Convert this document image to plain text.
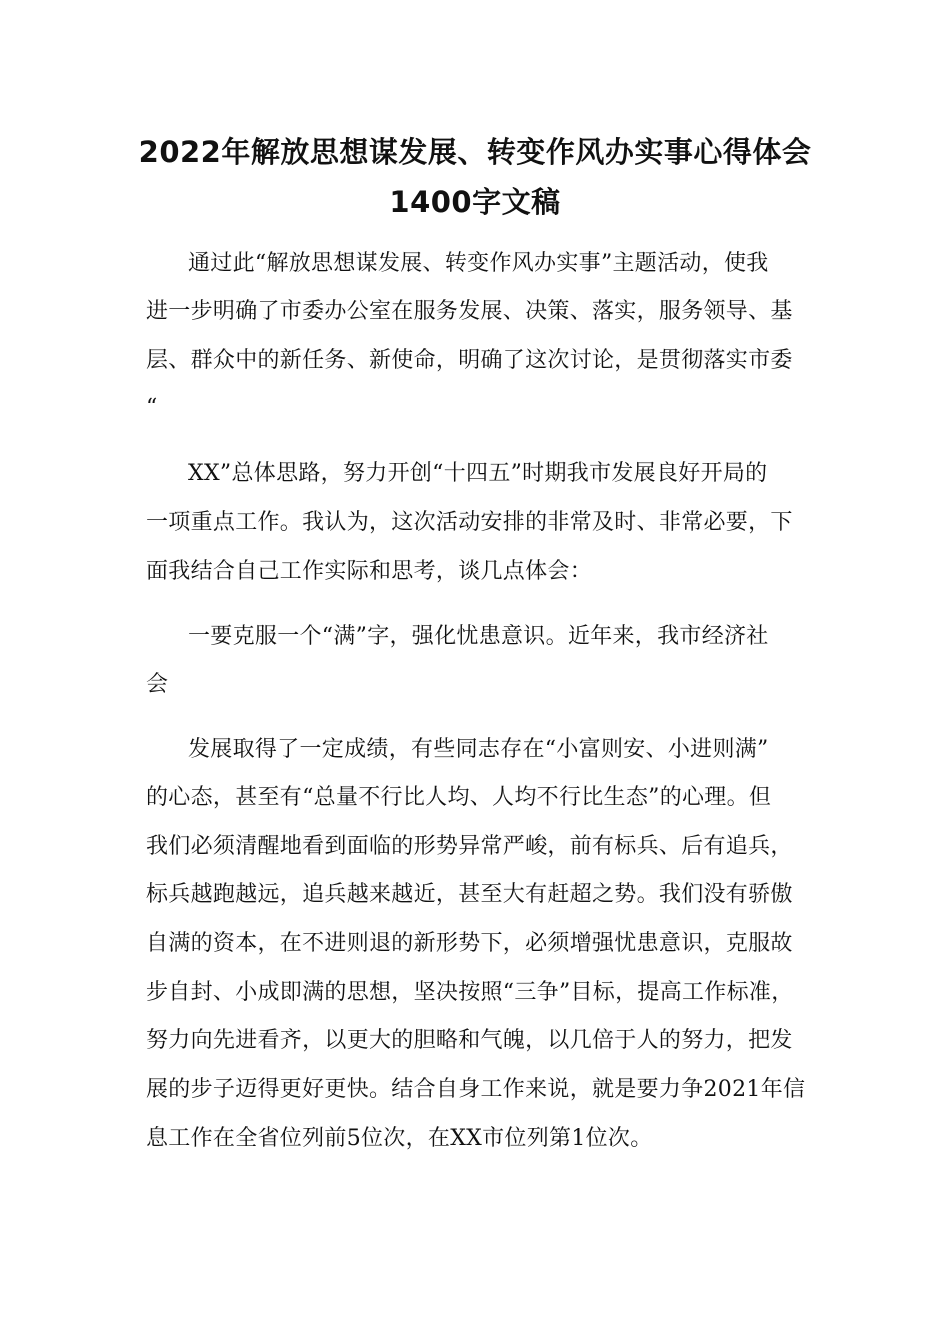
2022年解放思想谋发展、转变作风办实事心得体会
1400字文稿
通过此“解放思想谋发展、转变作风办实事”主题活动，使我
进一步明确了市委办公室在服务发展、决策、落实，服务领导、基
层、群众中的新任务、新使命，明确了这次讨论，是贯彻落实市委
“
XX”总体思路，努力开创“十四五”时期我市发展良好开局的
一项重点工作。我认为，这次活动安排的非常及时、非常必要，下
面我结合自己工作实际和思考，谈几点体会：
一要克服一个“满”字，强化忧患意识。近年来，我市经济社
会
发展取得了一定成绩，有些同志存在“小富则安、小进则满”
的心态，甚至有“总量不行比人均、人均不行比生态”的心理。但
我们必须清醒地看到面临的形势异常严峻，前有标兵、后有追兵，
标兵越跑越远，追兵越来越近，甚至大有赶超之势。我们没有骄傲
自满的资本，在不进则退的新形势下，必须增强忧患意识，克服故
步自封、小成即满的思想，坚决按照“三争”目标，提高工作标准，
努力向先进看齐，以更大的胆略和气魄，以几倍于人的努力，把发
展的步子迈得更好更快。结合自身工作来说，就是要力争2021年信
息工作在全省位列前5位次，在XX市位列第1位次。
